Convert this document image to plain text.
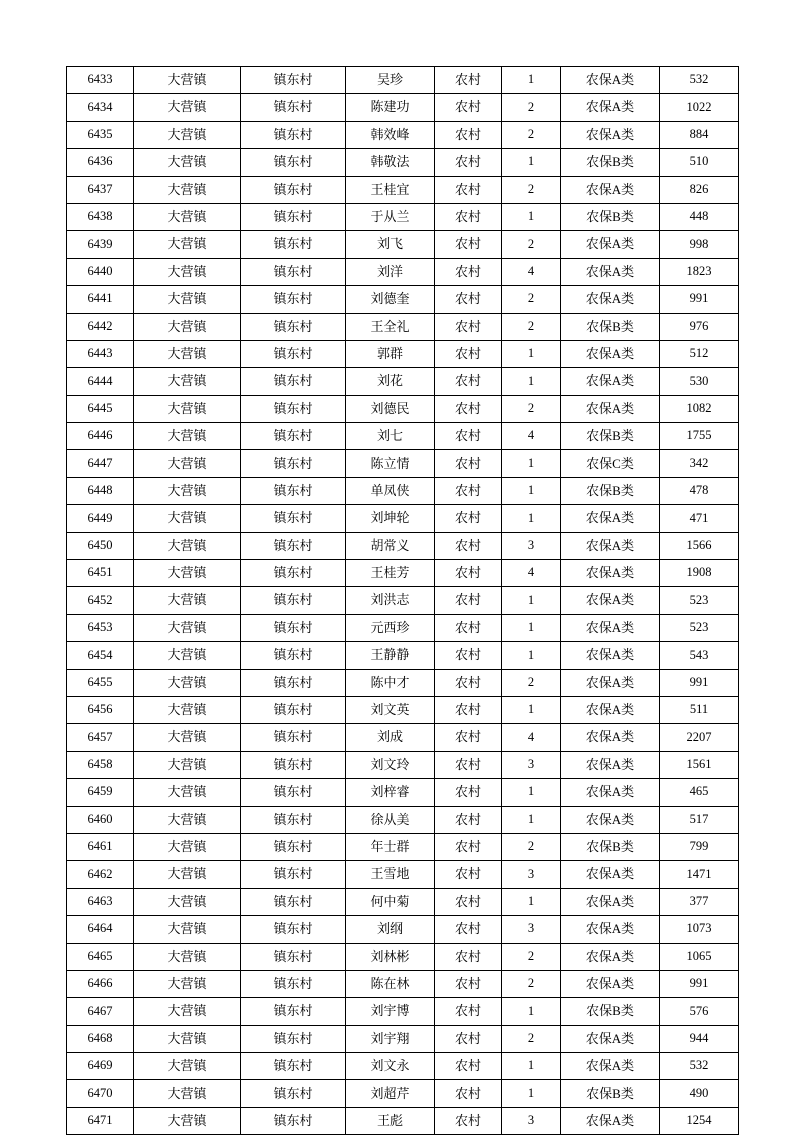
6433	大营镇	镇东村	吴珍	农村	1	农保A类	532
6434	大营镇	镇东村	陈建功	农村	2	农保A类	1022
6435	大营镇	镇东村	韩效峰	农村	2	农保A类	884
6436	大营镇	镇东村	韩敬法	农村	1	农保B类	510
6437	大营镇	镇东村	王桂宜	农村	2	农保A类	826
6438	大营镇	镇东村	于从兰	农村	1	农保B类	448
6439	大营镇	镇东村	刘飞	农村	2	农保A类	998
6440	大营镇	镇东村	刘洋	农村	4	农保A类	1823
6441	大营镇	镇东村	刘德奎	农村	2	农保A类	991
6442	大营镇	镇东村	王全礼	农村	2	农保B类	976
6443	大营镇	镇东村	郭群	农村	1	农保A类	512
6444	大营镇	镇东村	刘花	农村	1	农保A类	530
6445	大营镇	镇东村	刘德民	农村	2	农保A类	1082
6446	大营镇	镇东村	刘七	农村	4	农保B类	1755
6447	大营镇	镇东村	陈立情	农村	1	农保C类	342
6448	大营镇	镇东村	单凤侠	农村	1	农保B类	478
6449	大营镇	镇东村	刘坤轮	农村	1	农保A类	471
6450	大营镇	镇东村	胡常义	农村	3	农保A类	1566
6451	大营镇	镇东村	王桂芳	农村	4	农保A类	1908
6452	大营镇	镇东村	刘洪志	农村	1	农保A类	523
6453	大营镇	镇东村	元西珍	农村	1	农保A类	523
6454	大营镇	镇东村	王静静	农村	1	农保A类	543
6455	大营镇	镇东村	陈中才	农村	2	农保A类	991
6456	大营镇	镇东村	刘文英	农村	1	农保A类	511
6457	大营镇	镇东村	刘成	农村	4	农保A类	2207
6458	大营镇	镇东村	刘文玲	农村	3	农保A类	1561
6459	大营镇	镇东村	刘梓睿	农村	1	农保A类	465
6460	大营镇	镇东村	徐从美	农村	1	农保A类	517
6461	大营镇	镇东村	年士群	农村	2	农保B类	799
6462	大营镇	镇东村	王雪地	农村	3	农保A类	1471
6463	大营镇	镇东村	何中菊	农村	1	农保A类	377
6464	大营镇	镇东村	刘纲	农村	3	农保A类	1073
6465	大营镇	镇东村	刘林彬	农村	2	农保A类	1065
6466	大营镇	镇东村	陈在林	农村	2	农保A类	991
6467	大营镇	镇东村	刘宇博	农村	1	农保B类	576
6468	大营镇	镇东村	刘宇翔	农村	2	农保A类	944
6469	大营镇	镇东村	刘文永	农村	1	农保A类	532
6470	大营镇	镇东村	刘超芹	农村	1	农保B类	490
6471	大营镇	镇东村	王彪	农村	3	农保A类	1254
